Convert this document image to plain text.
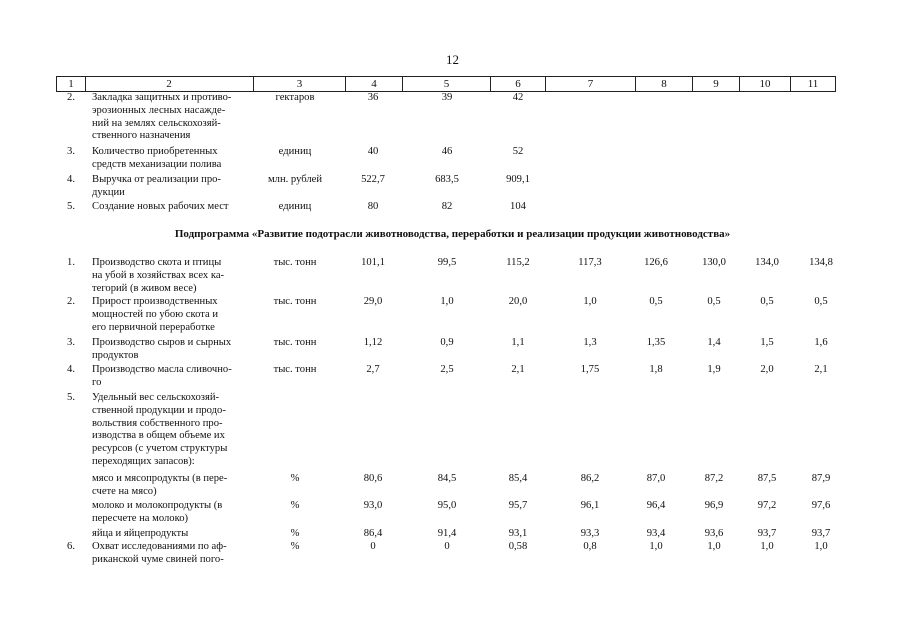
12
1	2	3	4	5	6	7	8	9	10	11
2.	Закладка защитных и противо-
эрозионных лесных насажде-
ний на землях сельскохозяй-
ственного назначения
гектаров	36	39	42
3.	Количество приобретенных
средств механизации полива
единиц	40	46	52
4.	Выручка от реализации про-
дукции
млн. рублей	522,7	683,5	909,1
5.	Создание новых рабочих мест	единиц	80	82	104
Подпрограмма «Развитие подотрасли животноводства, переработки и реализации продукции животноводства»
1.	Производство скота и птицы
на убой в хозяйствах всех ка-
тегорий (в живом весе)
тыс. тонн	101,1	99,5	115,2	117,3	126,6	130,0	134,0	134,8
2.	Прирост производственных
мощностей по убою скота и
его первичной переработке
тыс. тонн	29,0	1,0	20,0	1,0	0,5	0,5	0,5	0,5
3.	Производство сыров и сырных
продуктов
тыс. тонн	1,12	0,9	1,1	1,3	1,35	1,4	1,5	1,6
4.	Производство масла сливочно-
го
тыс. тонн	2,7	2,5	2,1	1,75	1,8	1,9	2,0	2,1
5.	Удельный вес сельскохозяй-
ственной продукции и продо-
вольствия собственного про-
изводства в общем объеме их
ресурсов (с учетом структуры
переходящих запасов):
мясо и мясопродукты (в пере-
счете на мясо)
%	80,6	84,5	85,4	86,2	87,0	87,2	87,5	87,9
молоко и молокопродукты (в
пересчете на молоко)
%	93,0	95,0	95,7	96,1	96,4	96,9	97,2	97,6
яйца и яйцепродукты	%	86,4	91,4	93,1	93,3	93,4	93,6	93,7	93,7
6.	Охват исследованиями по аф-
риканской чуме свиней пого-
%	0	0	0,58	0,8	1,0	1,0	1,0	1,0
